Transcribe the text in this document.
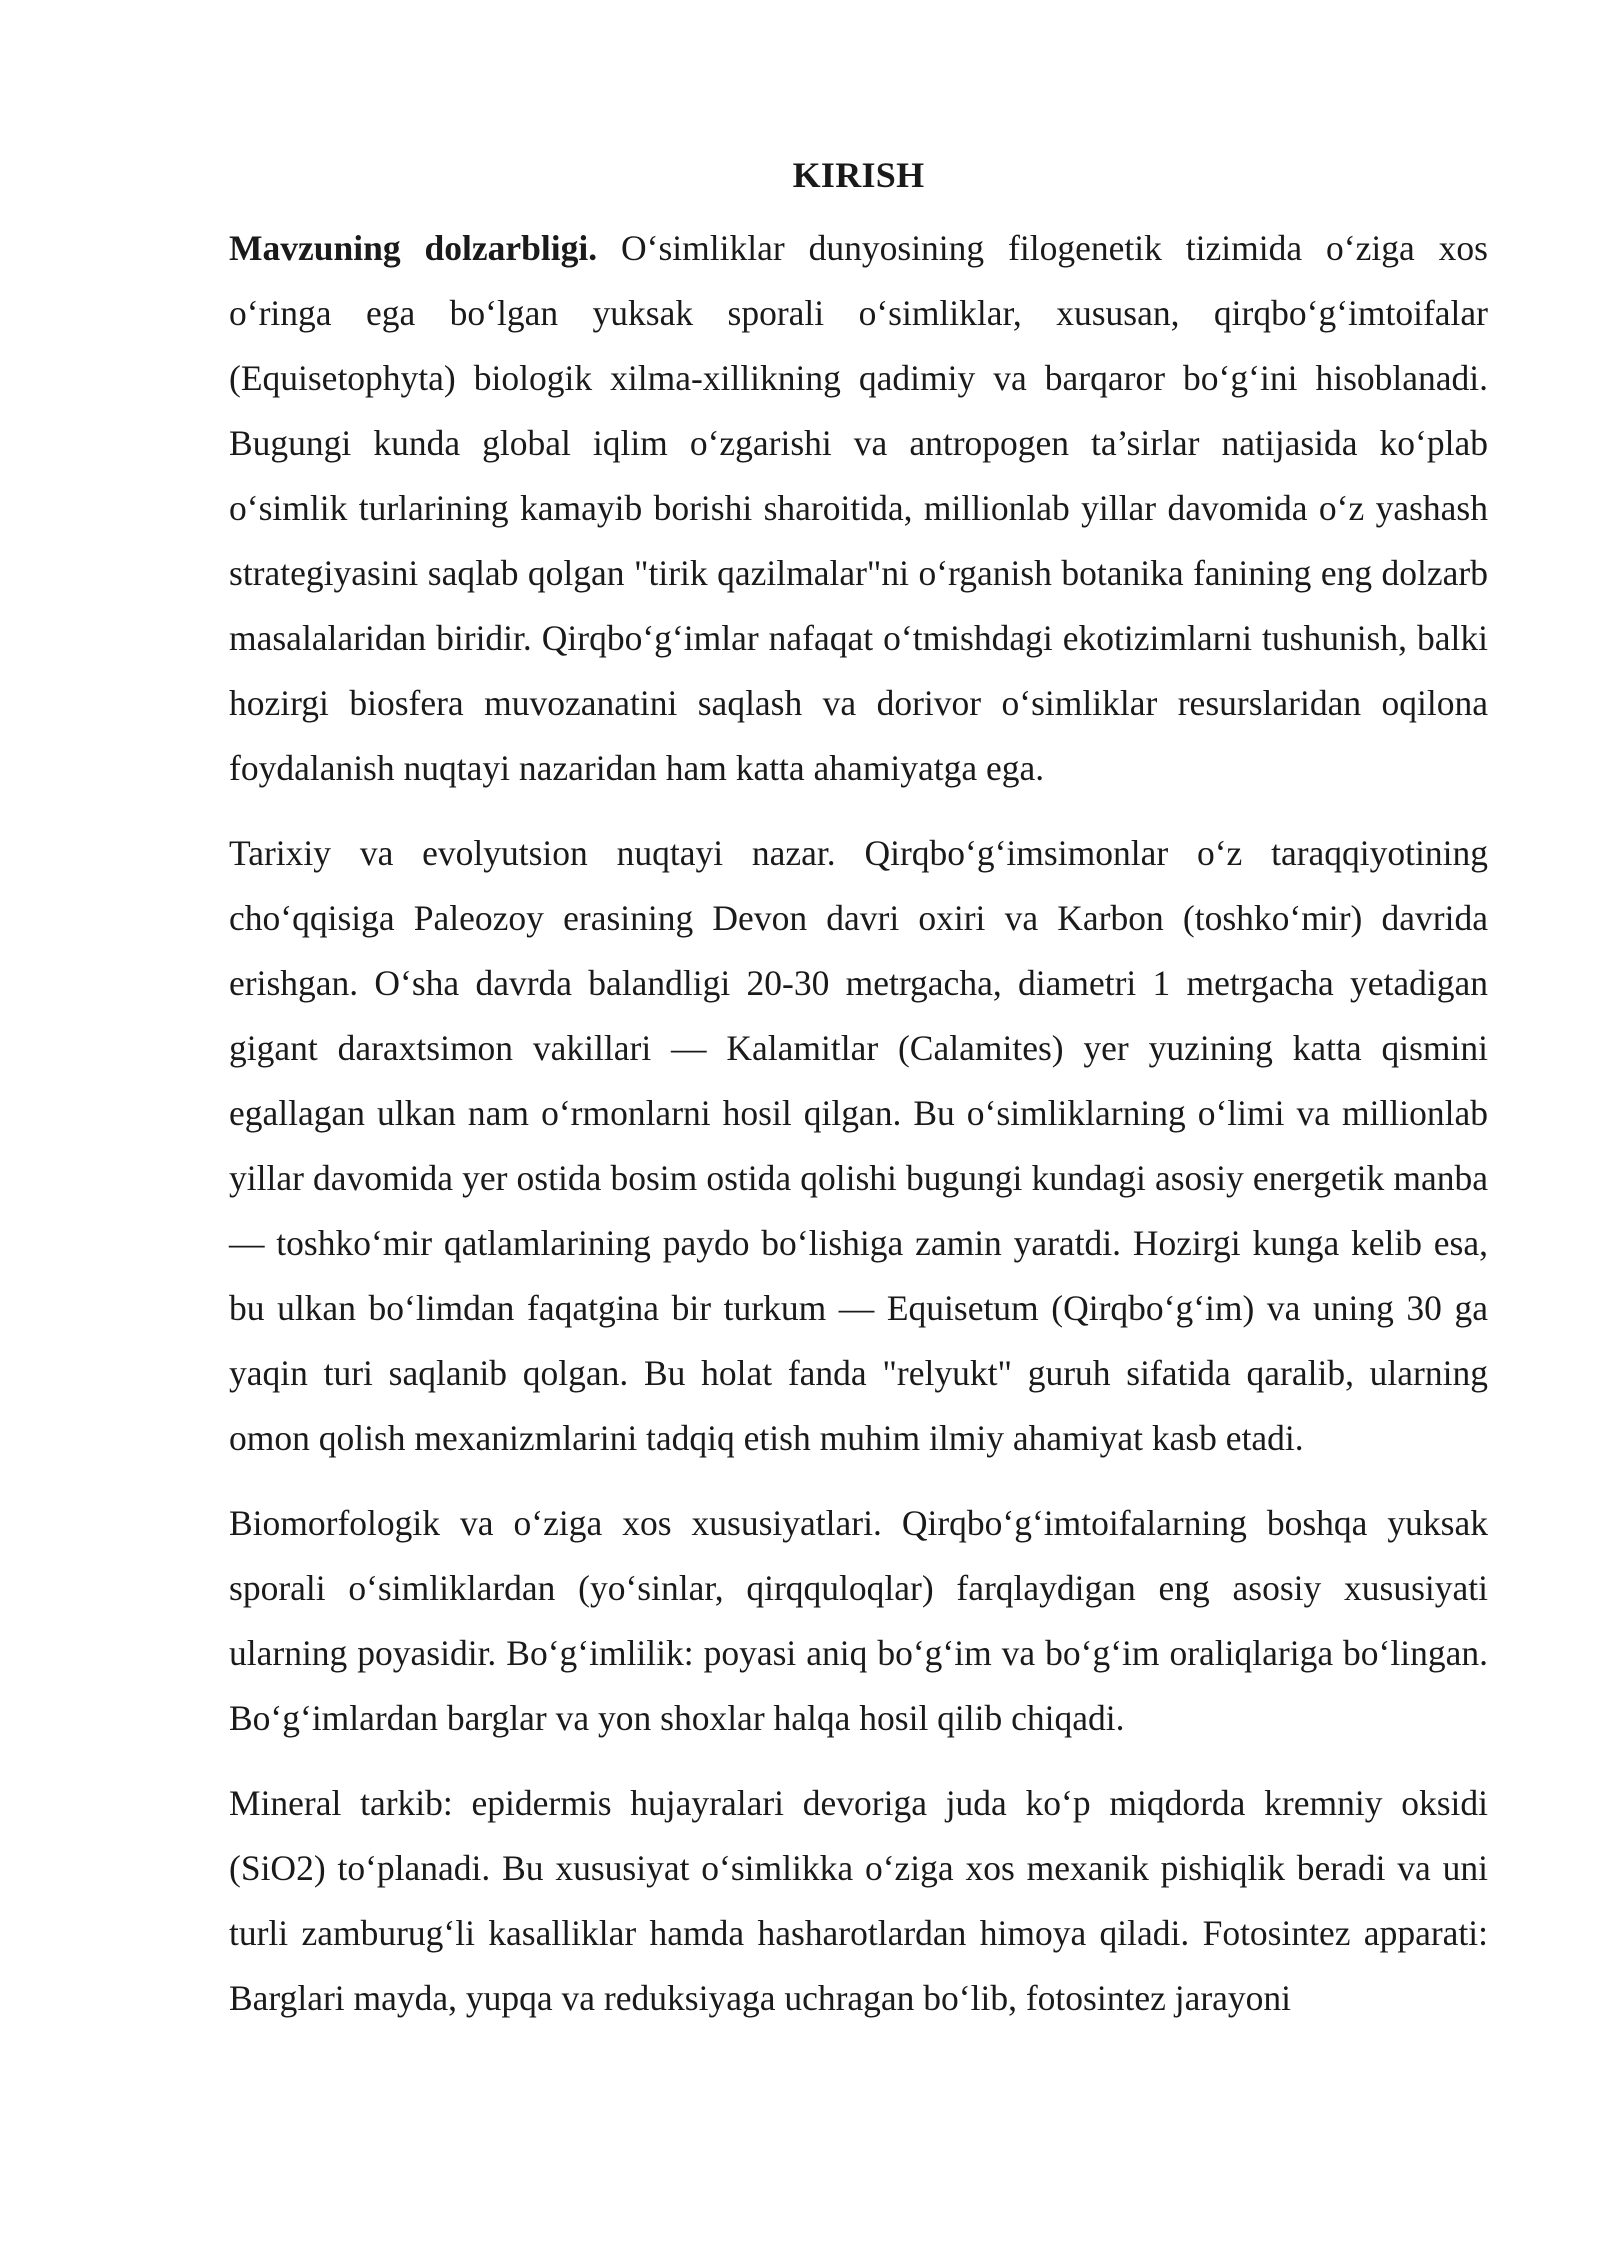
KIRISH

Mavzuning dolzarbligi. O‘simliklar dunyosining filogenetik tizimida o‘ziga xos o‘ringa ega bo‘lgan yuksak sporali o‘simliklar, xususan, qirqbo‘g‘imtoifalar (Equisetophyta) biologik xilma-xillikning qadimiy va barqaror bo‘g‘ini hisoblanadi. Bugungi kunda global iqlim o‘zgarishi va antropogen ta’sirlar natijasida ko‘plab o‘simlik turlarining kamayib borishi sharoitida, millionlab yillar davomida o‘z yashash strategiyasini saqlab qolgan "tirik qazilmalar"ni o‘rganish botanika fanining eng dolzarb masalalaridan biridir. Qirqbo‘g‘imlar nafaqat o‘tmishdagi ekotizimlarni tushunish, balki hozirgi biosfera muvozanatini saqlash va dorivor o‘simliklar resurslaridan oqilona foydalanish nuqtayi nazaridan ham katta ahamiyatga ega.

Tarixiy va evolyutsion nuqtayi nazar. Qirqbo‘g‘imsimonlar o‘z taraqqiyotining cho‘qqisiga Paleozoy erasining Devon davri oxiri va Karbon (toshko‘mir) davrida erishgan. O‘sha davrda balandligi 20-30 metrgacha, diametri 1 metrgacha yetadigan gigant daraxtsimon vakillari — Kalamitlar (Calamites) yer yuzining katta qismini egallagan ulkan nam o‘rmonlarni hosil qilgan. Bu o‘simliklarning o‘limi va millionlab yillar davomida yer ostida bosim ostida qolishi bugungi kundagi asosiy energetik manba — toshko‘mir qatlamlarining paydo bo‘lishiga zamin yaratdi. Hozirgi kunga kelib esa, bu ulkan bo‘limdan faqatgina bir turkum — Equisetum (Qirqbo‘g‘im) va uning 30 ga yaqin turi saqlanib qolgan. Bu holat fanda "relyukt" guruh sifatida qaralib, ularning omon qolish mexanizmlarini tadqiq etish muhim ilmiy ahamiyat kasb etadi.

Biomorfologik va o‘ziga xos xususiyatlari. Qirqbo‘g‘imtoifalarning boshqa yuksak sporali o‘simliklardan (yo‘sinlar, qirqquloqlar) farqlaydigan eng asosiy xususiyati ularning poyasidir. Bo‘g‘imlilik: poyasi aniq bo‘g‘im va bo‘g‘im oraliqlariga bo‘lingan. Bo‘g‘imlardan barglar va yon shoxlar halqa hosil qilib chiqadi.

Mineral tarkib: epidermis hujayralari devoriga juda ko‘p miqdorda kremniy oksidi (SiO2) to‘planadi. Bu xususiyat o‘simlikka o‘ziga xos mexanik pishiqlik beradi va uni turli zamburug‘li kasalliklar hamda hasharotlardan himoya qiladi. Fotosintez apparati: Barglari mayda, yupqa va reduksiyaga uchragan bo‘lib, fotosintez jarayoni
